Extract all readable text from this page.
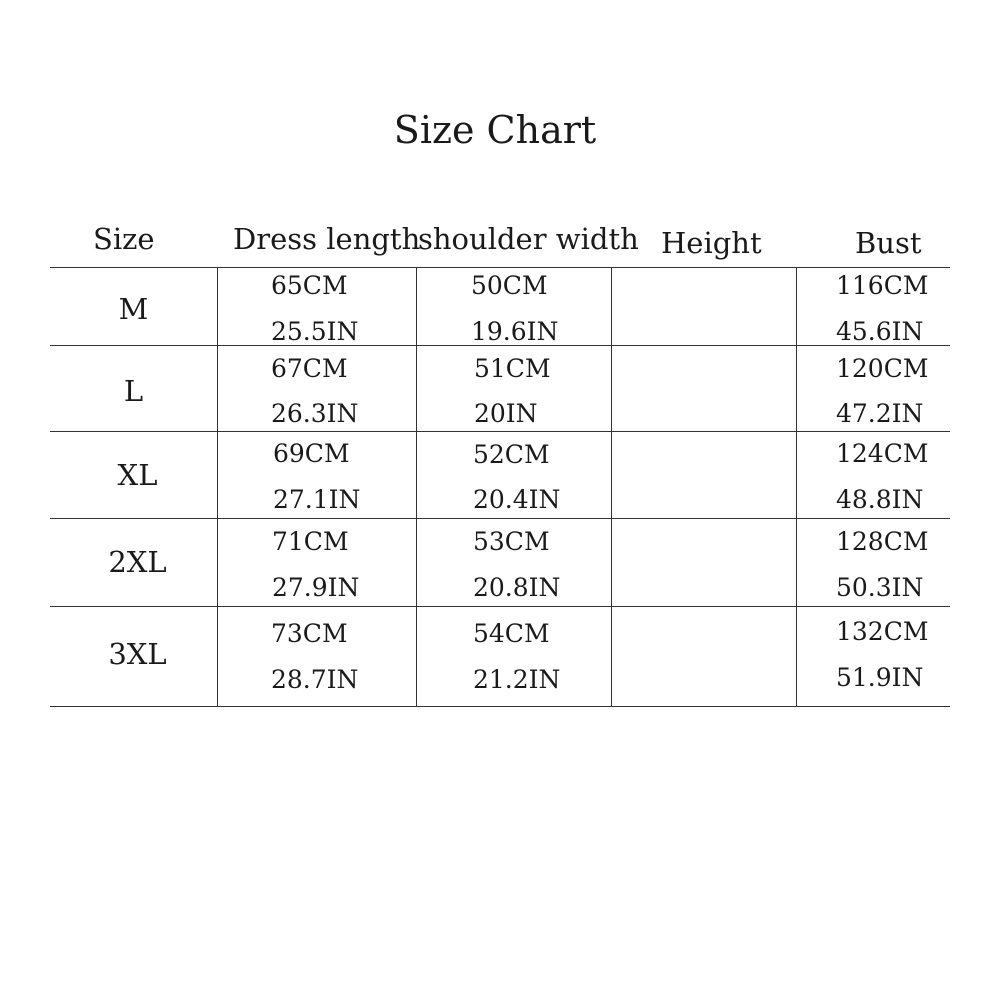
Size Chart
Size	Dress length
shoulder width Height	Bust
M
65CM
25.5IN
50CM
19.6IN
116CM
45.6IN
L
67CM
26.3IN
51CM
20IN
120CM
47.2IN
XL
69CM
27.1IN
52CM
20.4IN
124CM
48.8IN
2XL
71CM
27.9IN
53CM
20.8IN
128CM
50.3IN
3XL
73CM
28.7IN
54CM
21.2IN
132CM
51.9IN
